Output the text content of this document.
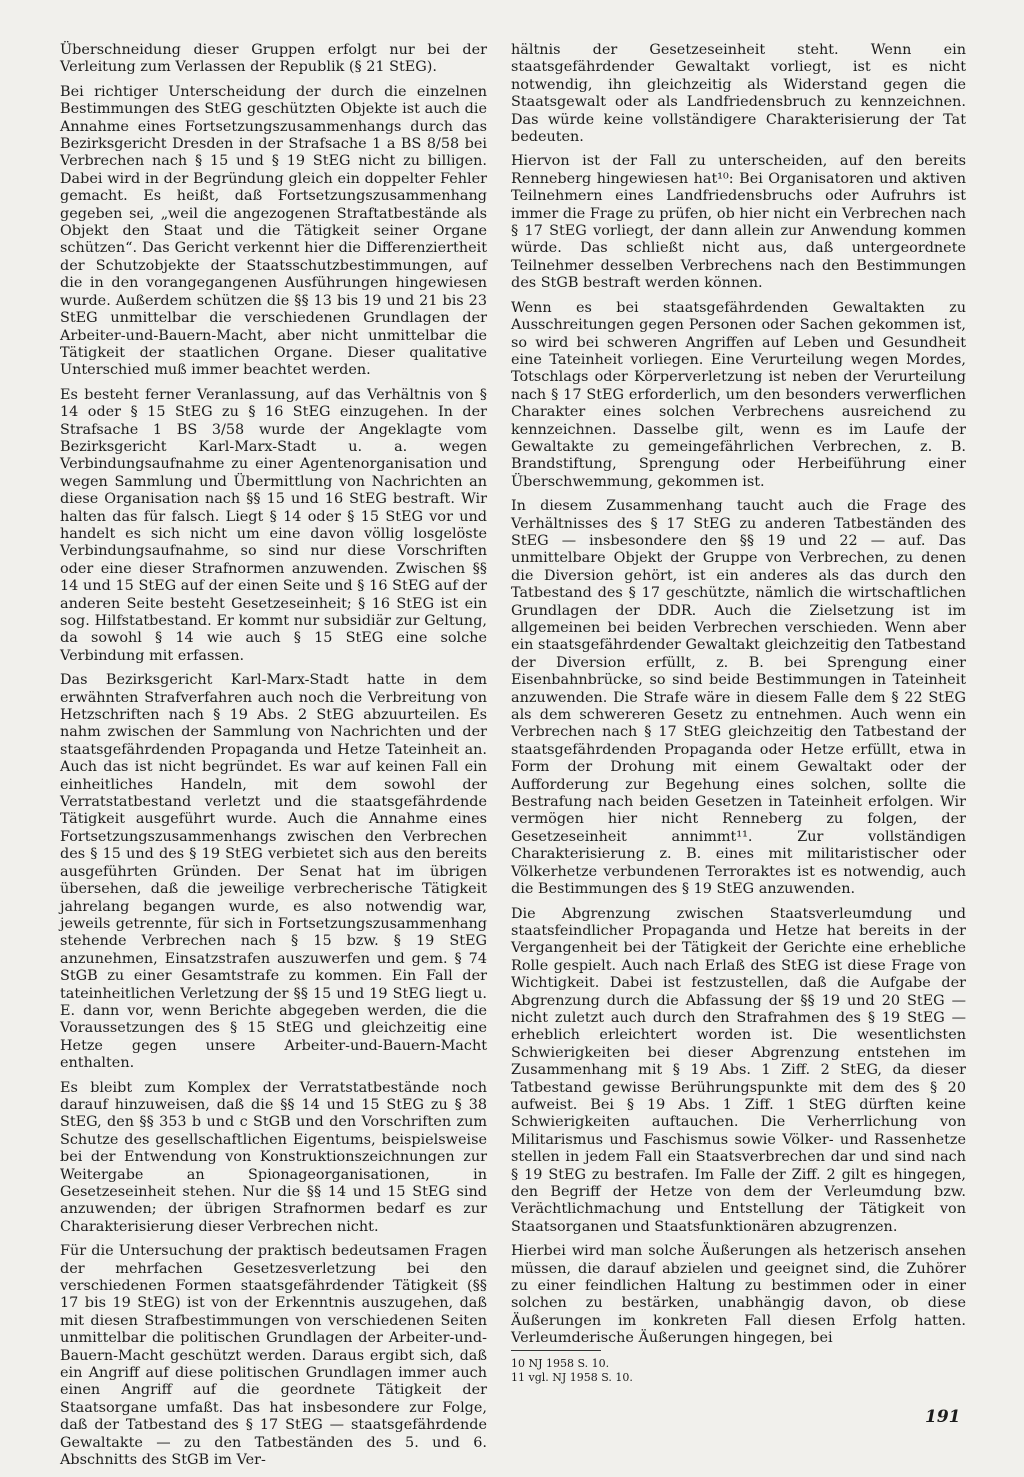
Überschneidung dieser Gruppen erfolgt nur bei der Verleitung zum Verlassen der Republik (§ 21 StEG).

Bei richtiger Unterscheidung der durch die einzelnen Bestimmungen des StEG geschützten Objekte ist auch die Annahme eines Fortsetzungszusammenhangs durch das Bezirksgericht Dresden in der Strafsache 1 a BS 8/58 bei Verbrechen nach § 15 und § 19 StEG nicht zu billigen. Dabei wird in der Begründung gleich ein doppelter Fehler gemacht. Es heißt, daß Fortsetzungszusammenhang gegeben sei, „weil die angezogenen Straftatbestände als Objekt den Staat und die Tätigkeit seiner Organe schützen“. Das Gericht verkennt hier die Differenziertheit der Schutzobjekte der Staatsschutzbestimmungen, auf die in den vorangegangenen Ausführungen hingewiesen wurde. Außerdem schützen die §§ 13 bis 19 und 21 bis 23 StEG unmittelbar die verschiedenen Grundlagen der Arbeiter-und-Bauern-Macht, aber nicht unmittelbar die Tätigkeit der staatlichen Organe. Dieser qualitative Unterschied muß immer beachtet werden.

Es besteht ferner Veranlassung, auf das Verhältnis von § 14 oder § 15 StEG zu § 16 StEG einzugehen. In der Strafsache 1 BS 3/58 wurde der Angeklagte vom Bezirksgericht Karl-Marx-Stadt u. a. wegen Verbindungsaufnahme zu einer Agentenorganisation und wegen Sammlung und Übermittlung von Nachrichten an diese Organisation nach §§ 15 und 16 StEG bestraft. Wir halten das für falsch. Liegt § 14 oder § 15 StEG vor und handelt es sich nicht um eine davon völlig losgelöste Verbindungsaufnahme, so sind nur diese Vorschriften oder eine dieser Strafnormen anzuwenden. Zwischen §§ 14 und 15 StEG auf der einen Seite und § 16 StEG auf der anderen Seite besteht Gesetzeseinheit; § 16 StEG ist ein sog. Hilfstatbestand. Er kommt nur subsidiär zur Geltung, da sowohl § 14 wie auch § 15 StEG eine solche Verbindung mit erfassen.

Das Bezirksgericht Karl-Marx-Stadt hatte in dem erwähnten Strafverfahren auch noch die Verbreitung von Hetzschriften nach § 19 Abs. 2 StEG abzuurteilen. Es nahm zwischen der Sammlung von Nachrichten und der staatsgefährdenden Propaganda und Hetze Tateinheit an. Auch das ist nicht begründet. Es war auf keinen Fall ein einheitliches Handeln, mit dem sowohl der Verratstatbestand verletzt und die staatsgefährdende Tätigkeit ausgeführt wurde. Auch die Annahme eines Fortsetzungszusammenhangs zwischen den Verbrechen des § 15 und des § 19 StEG verbietet sich aus den bereits ausgeführten Gründen. Der Senat hat im übrigen übersehen, daß die jeweilige verbrecherische Tätigkeit jahrelang begangen wurde, es also notwendig war, jeweils getrennte, für sich in Fortsetzungszusammenhang stehende Verbrechen nach § 15 bzw. § 19 StEG anzunehmen, Einsatzstrafen auszuwerfen und gem. § 74 StGB zu einer Gesamtstrafe zu kommen. Ein Fall der tateinheitlichen Verletzung der §§ 15 und 19 StEG liegt u. E. dann vor, wenn Berichte abgegeben werden, die die Voraussetzungen des § 15 StEG und gleichzeitig eine Hetze gegen unsere Arbeiter-und-Bauern-Macht enthalten.

Es bleibt zum Komplex der Verratstatbestände noch darauf hinzuweisen, daß die §§ 14 und 15 StEG zu § 38 StEG, den §§ 353 b und c StGB und den Vorschriften zum Schutze des gesellschaftlichen Eigentums, beispielsweise bei der Entwendung von Konstruktionszeichnungen zur Weitergabe an Spionageorganisationen, in Gesetzeseinheit stehen. Nur die §§ 14 und 15 StEG sind anzuwenden; der übrigen Strafnormen bedarf es zur Charakterisierung dieser Verbrechen nicht.

Für die Untersuchung der praktisch bedeutsamen Fragen der mehrfachen Gesetzesverletzung bei den verschiedenen Formen staatsgefährdender Tätigkeit (§§ 17 bis 19 StEG) ist von der Erkenntnis auszugehen, daß mit diesen Strafbestimmungen von verschiedenen Seiten unmittelbar die politischen Grundlagen der Arbeiter-und-Bauern-Macht geschützt werden. Daraus ergibt sich, daß ein Angriff auf diese politischen Grundlagen immer auch einen Angriff auf die geordnete Tätigkeit der Staatsorgane umfaßt. Das hat insbesondere zur Folge, daß der Tatbestand des § 17 StEG — staatsgefährdende Gewaltakte — zu den Tatbeständen des 5. und 6. Abschnitts des StGB im Ver-

hältnis der Gesetzeseinheit steht. Wenn ein staatsgefährdender Gewaltakt vorliegt, ist es nicht notwendig, ihn gleichzeitig als Widerstand gegen die Staatsgewalt oder als Landfriedensbruch zu kennzeichnen. Das würde keine vollständigere Charakterisierung der Tat bedeuten.

Hiervon ist der Fall zu unterscheiden, auf den bereits Renneberg hingewiesen hat¹⁰: Bei Organisatoren und aktiven Teilnehmern eines Landfriedensbruchs oder Aufruhrs ist immer die Frage zu prüfen, ob hier nicht ein Verbrechen nach § 17 StEG vorliegt, der dann allein zur Anwendung kommen würde. Das schließt nicht aus, daß untergeordnete Teilnehmer desselben Verbrechens nach den Bestimmungen des StGB bestraft werden können.

Wenn es bei staatsgefährdenden Gewaltakten zu Ausschreitungen gegen Personen oder Sachen gekommen ist, so wird bei schweren Angriffen auf Leben und Gesundheit eine Tateinheit vorliegen. Eine Verurteilung wegen Mordes, Totschlags oder Körperverletzung ist neben der Verurteilung nach § 17 StEG erforderlich, um den besonders verwerflichen Charakter eines solchen Verbrechens ausreichend zu kennzeichnen. Dasselbe gilt, wenn es im Laufe der Gewaltakte zu gemeingefährlichen Verbrechen, z. B. Brandstiftung, Sprengung oder Herbeiführung einer Überschwemmung, gekommen ist.

In diesem Zusammenhang taucht auch die Frage des Verhältnisses des § 17 StEG zu anderen Tatbeständen des StEG — insbesondere den §§ 19 und 22 — auf. Das unmittelbare Objekt der Gruppe von Verbrechen, zu denen die Diversion gehört, ist ein anderes als das durch den Tatbestand des § 17 geschützte, nämlich die wirtschaftlichen Grundlagen der DDR. Auch die Zielsetzung ist im allgemeinen bei beiden Verbrechen verschieden. Wenn aber ein staatsgefährdender Gewaltakt gleichzeitig den Tatbestand der Diversion erfüllt, z. B. bei Sprengung einer Eisenbahnbrücke, so sind beide Bestimmungen in Tateinheit anzuwenden. Die Strafe wäre in diesem Falle dem § 22 StEG als dem schwereren Gesetz zu entnehmen. Auch wenn ein Verbrechen nach § 17 StEG gleichzeitig den Tatbestand der staatsgefährdenden Propaganda oder Hetze erfüllt, etwa in Form der Drohung mit einem Gewaltakt oder der Aufforderung zur Begehung eines solchen, sollte die Bestrafung nach beiden Gesetzen in Tateinheit erfolgen. Wir vermögen hier nicht Renneberg zu folgen, der Gesetzeseinheit annimmt¹¹. Zur vollständigen Charakterisierung z. B. eines mit militaristischer oder Völkerhetze verbundenen Terroraktes ist es notwendig, auch die Bestimmungen des § 19 StEG anzuwenden.

Die Abgrenzung zwischen Staatsverleumdung und staatsfeindlicher Propaganda und Hetze hat bereits in der Vergangenheit bei der Tätigkeit der Gerichte eine erhebliche Rolle gespielt. Auch nach Erlaß des StEG ist diese Frage von Wichtigkeit. Dabei ist festzustellen, daß die Aufgabe der Abgrenzung durch die Abfassung der §§ 19 und 20 StEG — nicht zuletzt auch durch den Strafrahmen des § 19 StEG — erheblich erleichtert worden ist. Die wesentlichsten Schwierigkeiten bei dieser Abgrenzung entstehen im Zusammenhang mit § 19 Abs. 1 Ziff. 2 StEG, da dieser Tatbestand gewisse Berührungspunkte mit dem des § 20 aufweist. Bei § 19 Abs. 1 Ziff. 1 StEG dürften keine Schwierigkeiten auftauchen. Die Verherrlichung von Militarismus und Faschismus sowie Völker- und Rassenhetze stellen in jedem Fall ein Staatsverbrechen dar und sind nach § 19 StEG zu bestrafen. Im Falle der Ziff. 2 gilt es hingegen, den Begriff der Hetze von dem der Verleumdung bzw. Verächtlichmachung und Entstellung der Tätigkeit von Staatsorganen und Staatsfunktionären abzugrenzen.

Hierbei wird man solche Äußerungen als hetzerisch ansehen müssen, die darauf abzielen und geeignet sind, die Zuhörer zu einer feindlichen Haltung zu bestimmen oder in einer solchen zu bestärken, unabhängig davon, ob diese Äußerungen im konkreten Fall diesen Erfolg hatten. Verleumderische Äußerungen hingegen, bei

10 NJ 1958 S. 10.

11 vgl. NJ 1958 S. 10.

191
